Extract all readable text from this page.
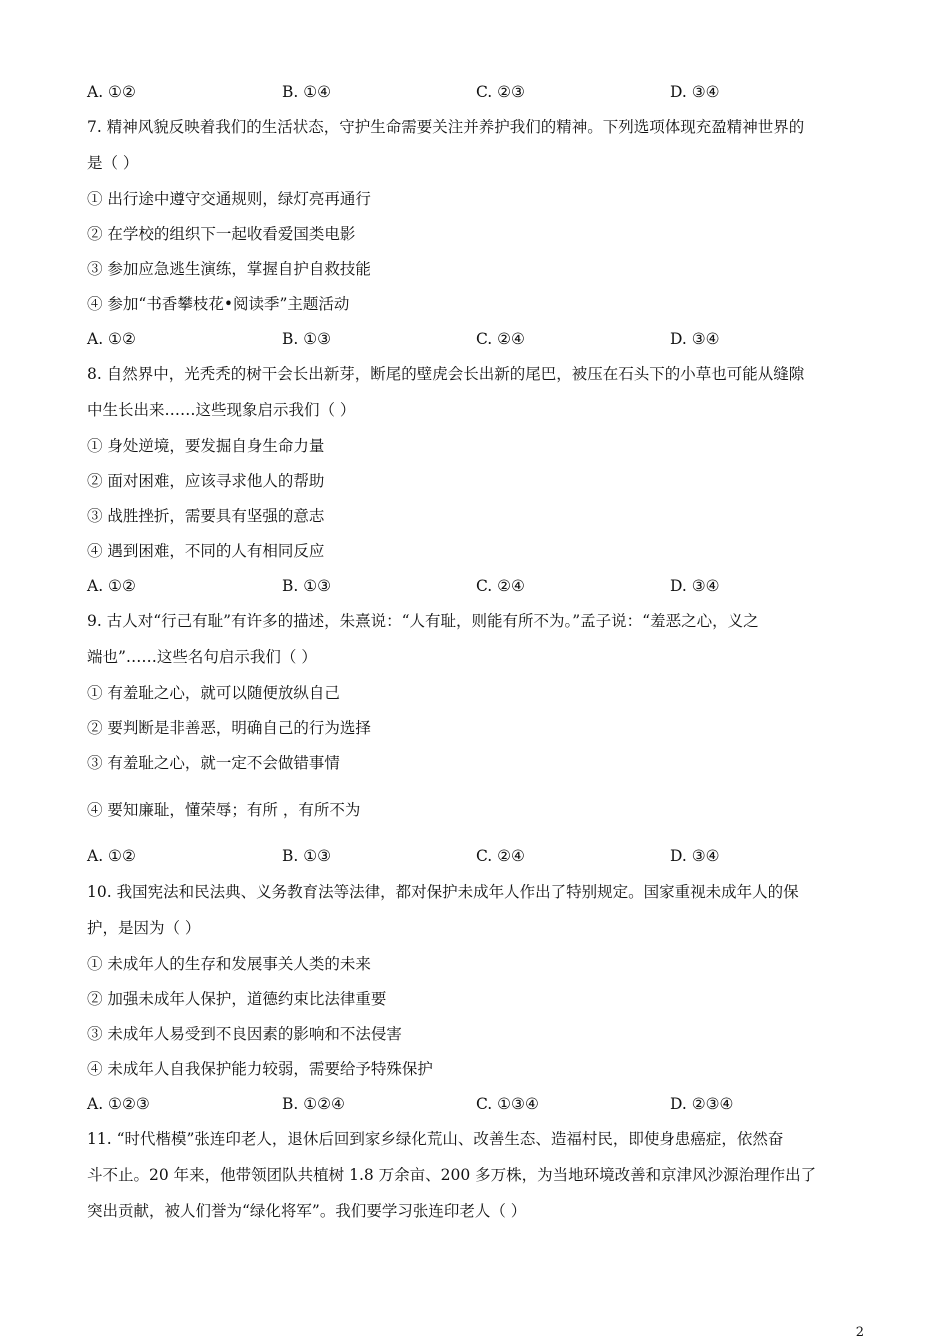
A. ①②	B. ①④	C. ②③	D. ③④
7. 精神风貌反映着我们的生活状态，守护生命需要关注并养护我们的精神。下列选项体现充盈精神世界的
是（ ）
① 出行途中遵守交通规则，绿灯亮再通行
② 在学校的组织下一起收看爱国类电影
③ 参加应急逃生演练，掌握自护自救技能
④ 参加“书香攀枝花•阅读季”主题活动
A. ①②	B. ①③	C. ②④	D. ③④
8. 自然界中，光秃秃的树干会长出新芽，断尾的壁虎会长出新的尾巴，被压在石头下的小草也可能从缝隙
中生长出来……这些现象启示我们（ ）
① 身处逆境，要发掘自身生命力量
② 面对困难，应该寻求他人的帮助
③ 战胜挫折，需要具有坚强的意志
④ 遇到困难，不同的人有相同反应
A. ①②	B. ①③	C. ②④	D. ③④
9. 古人对“行己有耻”有许多的描述，朱熹说：“人有耻，则能有所不为。”孟子说：“羞恶之心，义之
端也”……这些名句启示我们（ ）
① 有羞耻之心，就可以随便放纵自己
② 要判断是非善恶，明确自己的行为选择
③ 有羞耻之心，就一定不会做错事情
④ 要知廉耻，懂荣辱；有所 ，有所不为
A. ①②	B. ①③	C. ②④	D. ③④
10. 我国宪法和民法典、义务教育法等法律，都对保护未成年人作出了特别规定。国家重视未成年人的保
护，是因为（ ）
① 未成年人的生存和发展事关人类的未来
② 加强未成年人保护，道德约束比法律重要
③ 未成年人易受到不良因素的影响和不法侵害
④ 未成年人自我保护能力较弱，需要给予特殊保护
A. ①②③	B. ①②④	C. ①③④	D. ②③④
11. “时代楷模”张连印老人，退休后回到家乡绿化荒山、改善生态、造福村民，即使身患癌症，依然奋
斗不止。20 年来，他带领团队共植树 1.8 万余亩、200 多万株，为当地环境改善和京津风沙源治理作出了
突出贡献，被人们誉为“绿化将军”。我们要学习张连印老人（ ）
2
